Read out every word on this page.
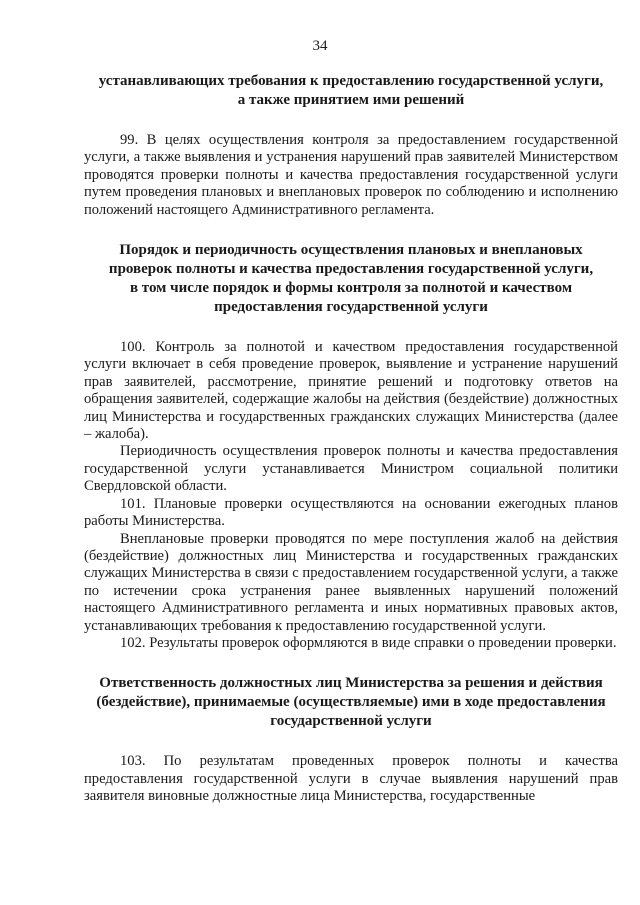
34

устанавливающих требования к предоставлению государственной услуги,
а также принятием ими решений

99. В целях осуществления контроля за предоставлением государственной услуги, а также выявления и устранения нарушений прав заявителей Министерством проводятся проверки полноты и качества предоставления государственной услуги путем проведения плановых и внеплановых проверок по соблюдению и исполнению положений настоящего Административного регламента.

Порядок и периодичность осуществления плановых и внеплановых
проверок полноты и качества предоставления государственной услуги,
в том числе порядок и формы контроля за полнотой и качеством
предоставления государственной услуги

100. Контроль за полнотой и качеством предоставления государственной услуги включает в себя проведение проверок, выявление и устранение нарушений прав заявителей, рассмотрение, принятие решений и подготовку ответов на обращения заявителей, содержащие жалобы на действия (бездействие) должностных лиц Министерства и государственных гражданских служащих Министерства (далее – жалоба).

Периодичность осуществления проверок полноты и качества предоставления государственной услуги устанавливается Министром социальной политики Свердловской области.

101. Плановые проверки осуществляются на основании ежегодных планов работы Министерства.

Внеплановые проверки проводятся по мере поступления жалоб на действия (бездействие) должностных лиц Министерства и государственных гражданских служащих Министерства в связи с предоставлением государственной услуги, а также по истечении срока устранения ранее выявленных нарушений положений настоящего Административного регламента и иных нормативных правовых актов, устанавливающих требования к предоставлению государственной услуги.

102. Результаты проверок оформляются в виде справки о проведении проверки.

Ответственность должностных лиц Министерства за решения и действия
(бездействие), принимаемые (осуществляемые) ими в ходе предоставления
государственной услуги

103. По результатам проведенных проверок полноты и качества предоставления государственной услуги в случае выявления нарушений прав заявителя виновные должностные лица Министерства, государственные
